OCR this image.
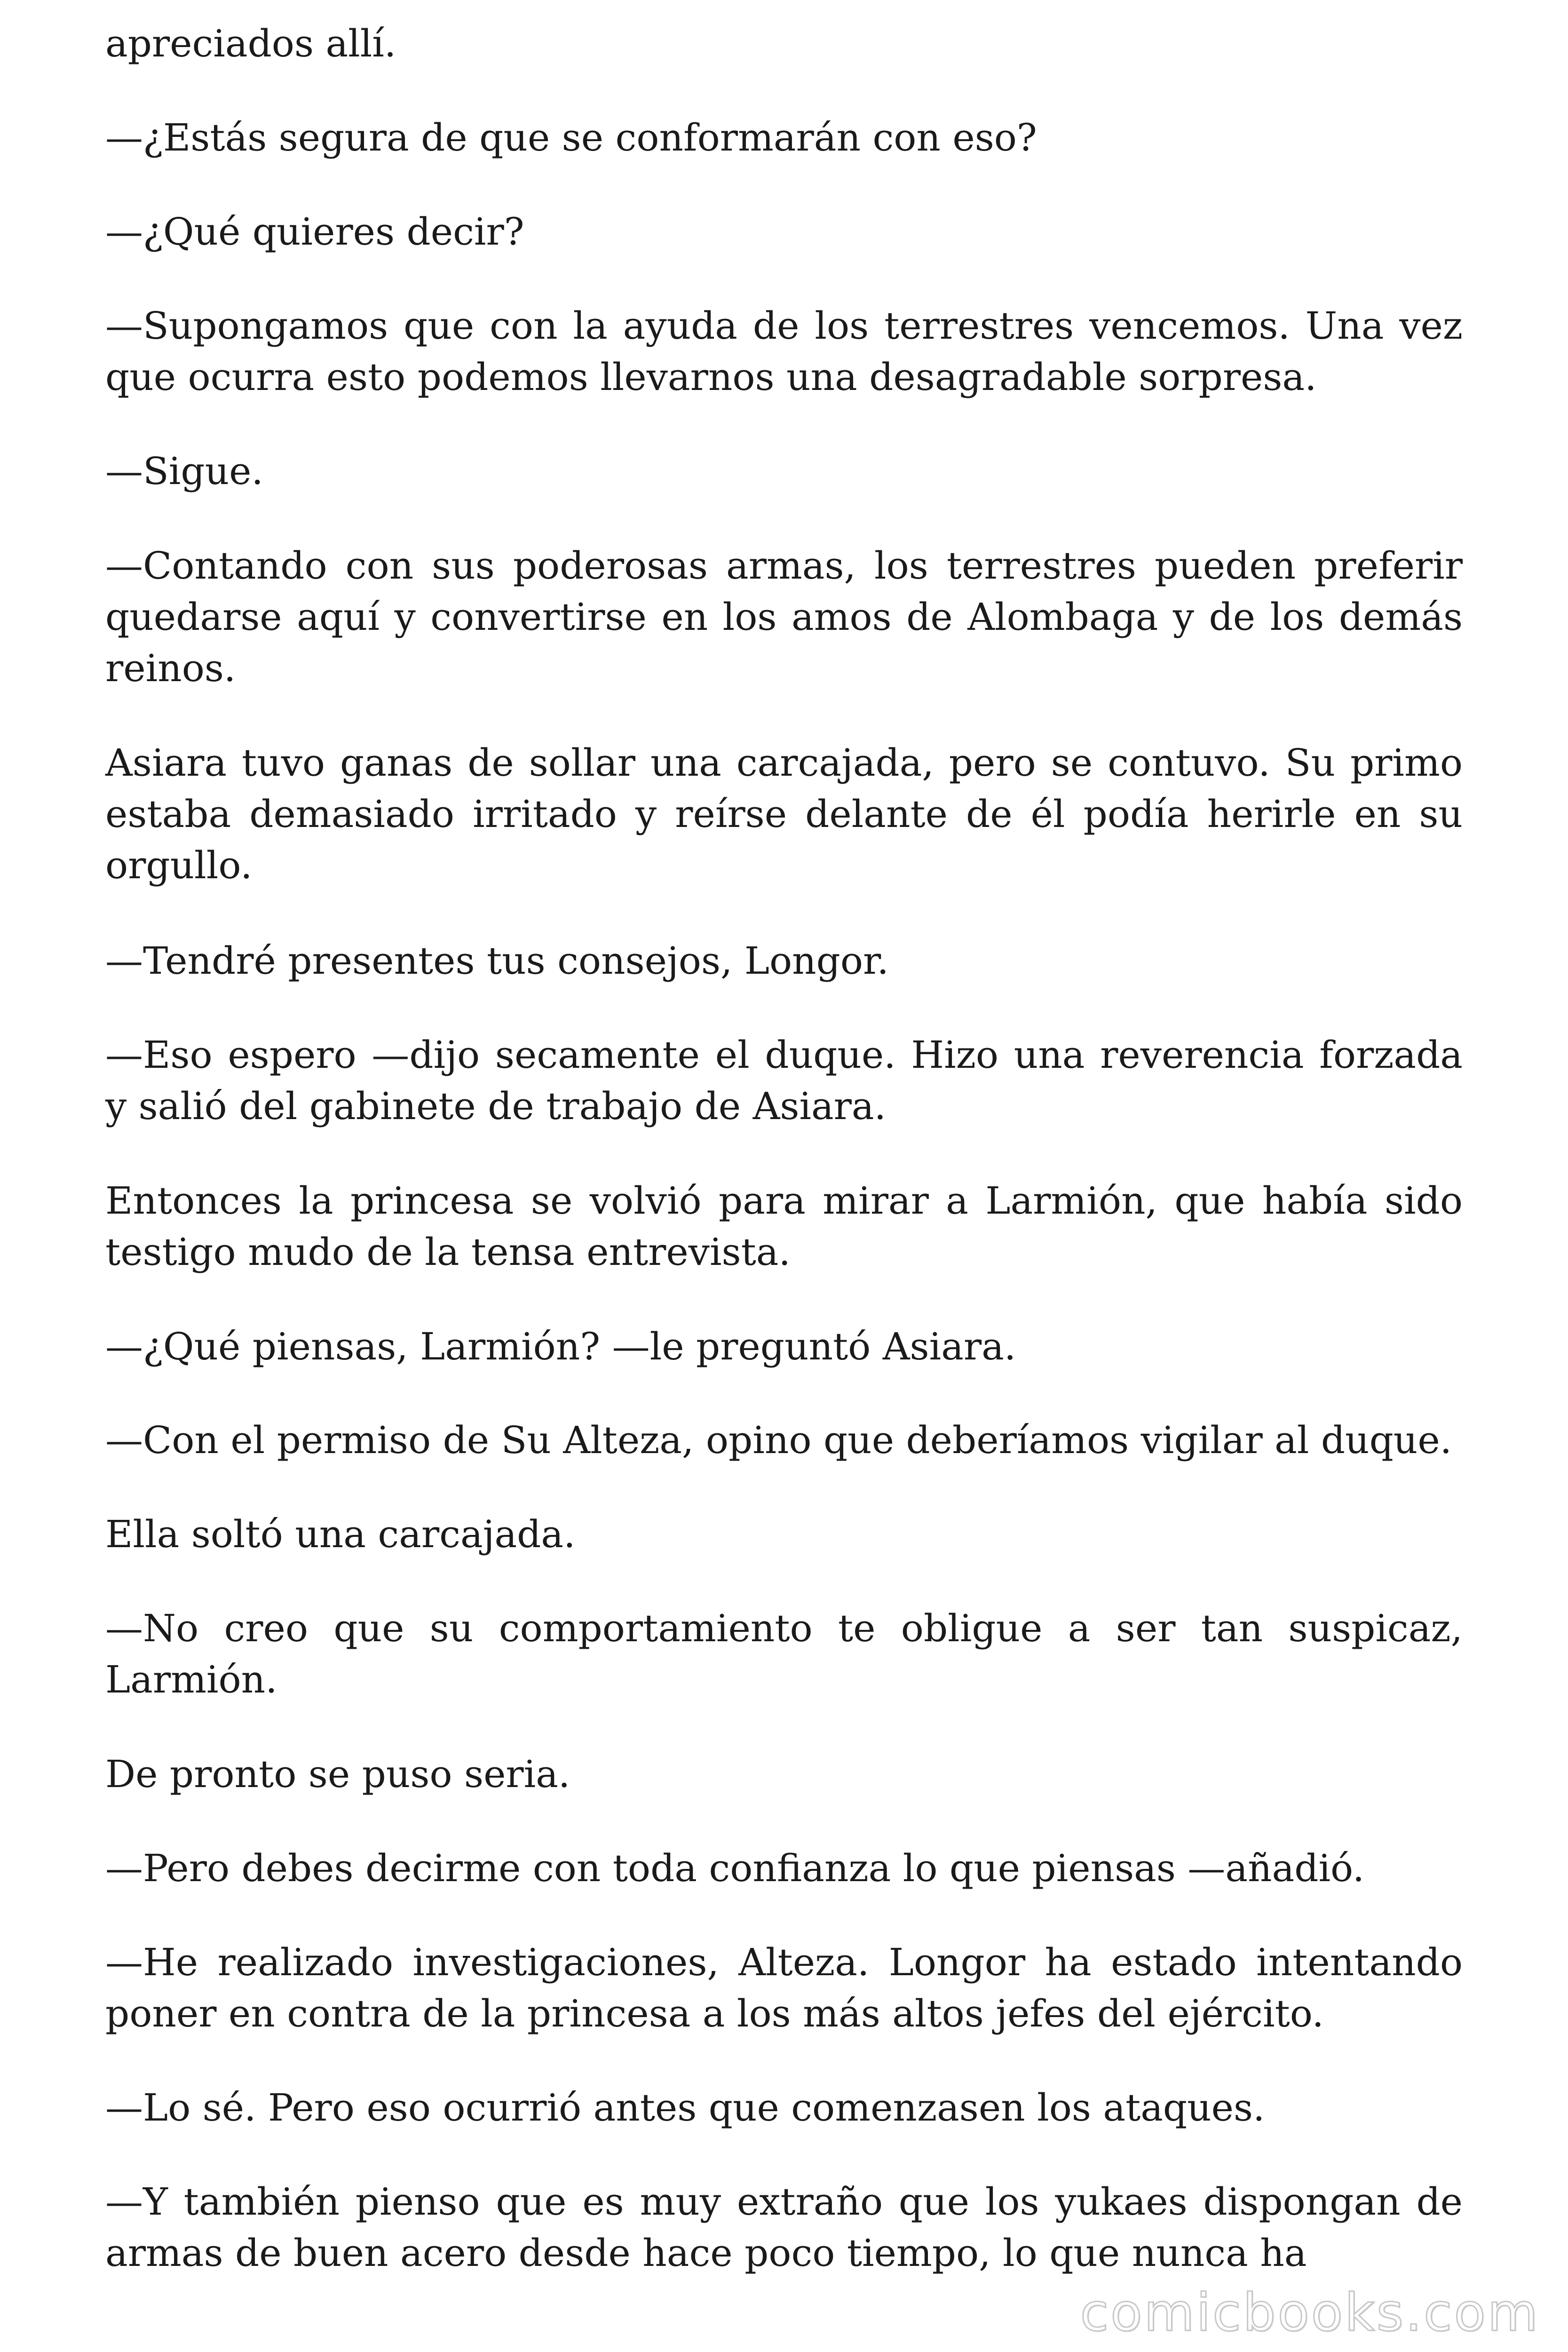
apreciados allí.

—¿Estás segura de que se conformarán con eso?

—¿Qué quieres decir?

—Supongamos que con la ayuda de los terrestres vencemos. Una vez que ocurra esto podemos llevarnos una desagradable sorpresa.

—Sigue.

—Contando con sus poderosas armas, los terrestres pueden preferir quedarse aquí y convertirse en los amos de Alombaga y de los demás reinos.

Asiara tuvo ganas de sollar una carcajada, pero se contuvo. Su primo estaba demasiado irritado y reírse delante de él podía herirle en su orgullo.

—Tendré presentes tus consejos, Longor.

—Eso espero —dijo secamente el duque. Hizo una reverencia forzada y salió del gabinete de trabajo de Asiara.

Entonces la princesa se volvió para mirar a Larmión, que había sido testigo mudo de la tensa entrevista.

—¿Qué piensas, Larmión? —le preguntó Asiara.

—Con el permiso de Su Alteza, opino que deberíamos vigilar al duque.

Ella soltó una carcajada.

—No creo que su comportamiento te obligue a ser tan suspicaz, Larmión.

De pronto se puso seria.

—Pero debes decirme con toda confianza lo que piensas —añadió.

—He realizado investigaciones, Alteza. Longor ha estado intentando poner en contra de la princesa a los más altos jefes del ejército.

—Lo sé. Pero eso ocurrió antes que comenzasen los ataques.

—Y también pienso que es muy extraño que los yukaes dispongan de armas de buen acero desde hace poco tiempo, lo que nunca ha

comicbooks.com
